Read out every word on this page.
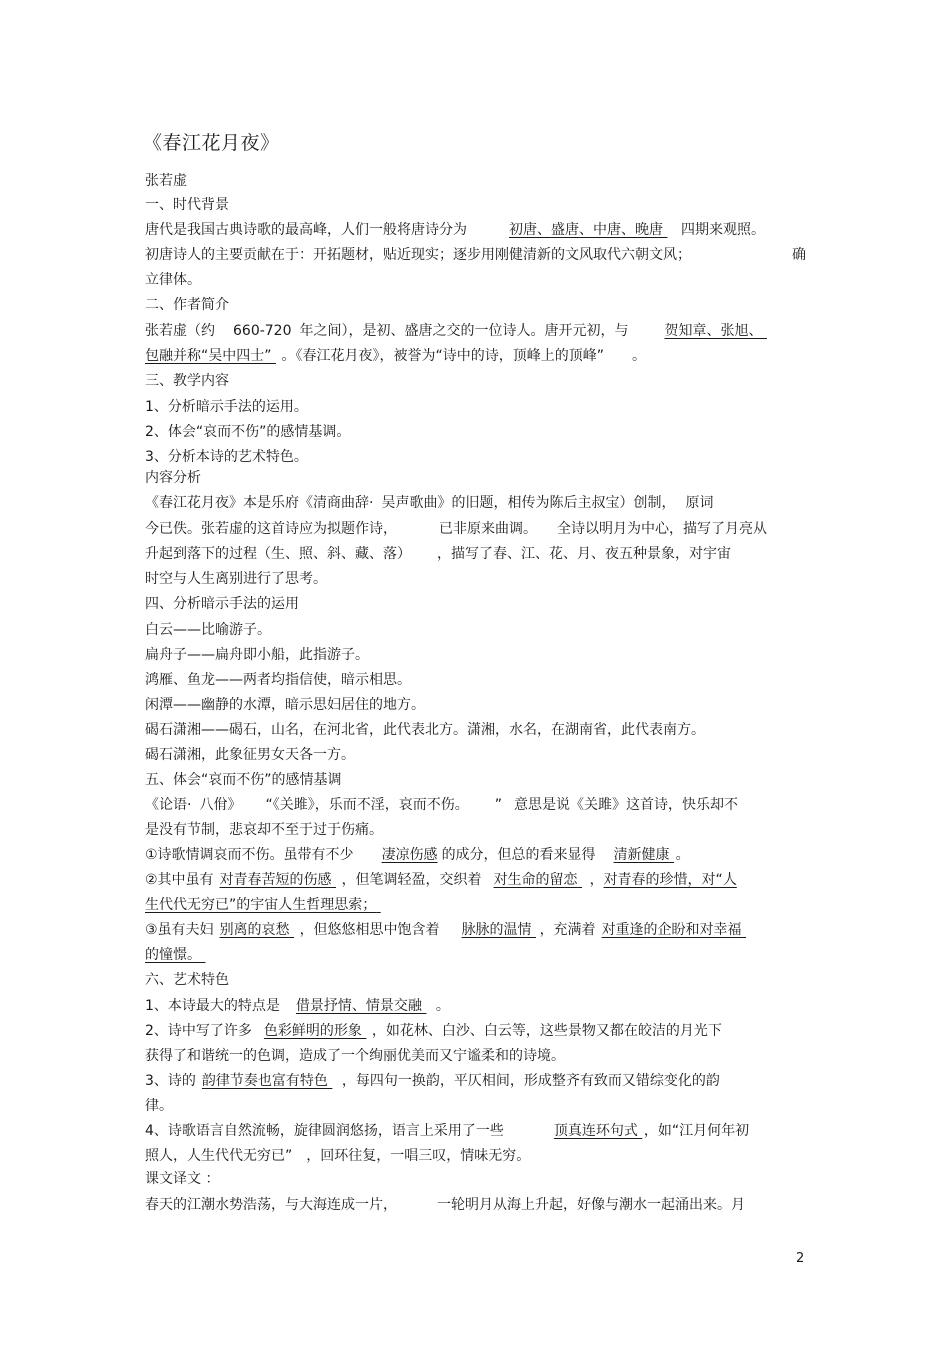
《春江花月夜》
张若虚
一、时代背景
唐代是我国古典诗歌的最高峰，人们一般将唐诗分为	初唐、盛唐、中唐、晚唐 四期来观照。
初唐诗人的主要贡献在于：开拓题材，贴近现实；逐步用刚健清新的文风取代六朝文风；	确
立律体。
二、作者简介
张若虚（约 660-720 年之间），是初、盛唐之交的一位诗人。唐开元初，与	贺知章、张旭、
包融并称“吴中四士” 。《春江花月夜》，被誉为“诗中的诗，顶峰上的顶峰” 。
三、教学内容
1、分析暗示手法的运用。
2、体会“哀而不伤”的感情基调。
3、分析本诗的艺术特色。
内容分析
《春江花月夜》本是乐府《清商曲辞· 吴声歌曲》的旧题，相传为陈后主叔宝）创制， 原词
今已佚。张若虚的这首诗应为拟题作诗，	已非原来曲调。 全诗以明月为中心，描写了月亮从
升起到落下的过程（生、照、斜、藏、落） ，描写了春、江、花、月、夜五种景象，对宇宙
时空与人生离别进行了思考。
四、分析暗示手法的运用
白云——比喻游子。
扁舟子——扁舟即小船，此指游子。
鸿雁、鱼龙——两者均指信使，暗示相思。
闲潭——幽静的水潭，暗示思妇居住的地方。
碣石潇湘——碣石，山名，在河北省，此代表北方。潇湘，水名，在湖南省，此代表南方。
碣石潇湘，此象征男女天各一方。
五、体会“哀而不伤”的感情基调
《论语· 八佾》 “《关雎》，乐而不淫，哀而不伤。 ” 意思是说《关雎》这首诗，快乐却不
是没有节制，悲哀却不至于过于伤痛。
①诗歌情调哀而不伤。虽带有不少 凄凉伤感 的成分，但总的看来显得 清新健康 。
②其中虽有 对青春苦短的伤感 ，但笔调轻盈，交织着 对生命的留恋 ，对青春的珍惜，对“人
生代代无穷已”的宇宙人生哲理思索；
③虽有夫妇 别离的哀愁 ，但悠悠相思中饱含着 脉脉的温情 ，充满着 对重逢的企盼和对幸福
的憧憬。
六、艺术特色
1、本诗最大的特点是 借景抒情、情景交融 。
2、诗中写了许多 色彩鲜明的形象 ，如花林、白沙、白云等，这些景物又都在皎洁的月光下
获得了和谐统一的色调，造成了一个绚丽优美而又宁谧柔和的诗境。
3、诗的 韵律节奏也富有特色 ，每四句一换韵，平仄相间，形成整齐有致而又错综变化的韵
律。
4、诗歌语言自然流畅，旋律圆润悠扬，语言上采用了一些	顶真连环句式 ，如“江月何年初
照人，人生代代无穷已” ，回环往复，一唱三叹，情味无穷。
课文译文 ：
春天的江潮水势浩荡，与大海连成一片，	一轮明月从海上升起，好像与潮水一起涌出来。月
2
